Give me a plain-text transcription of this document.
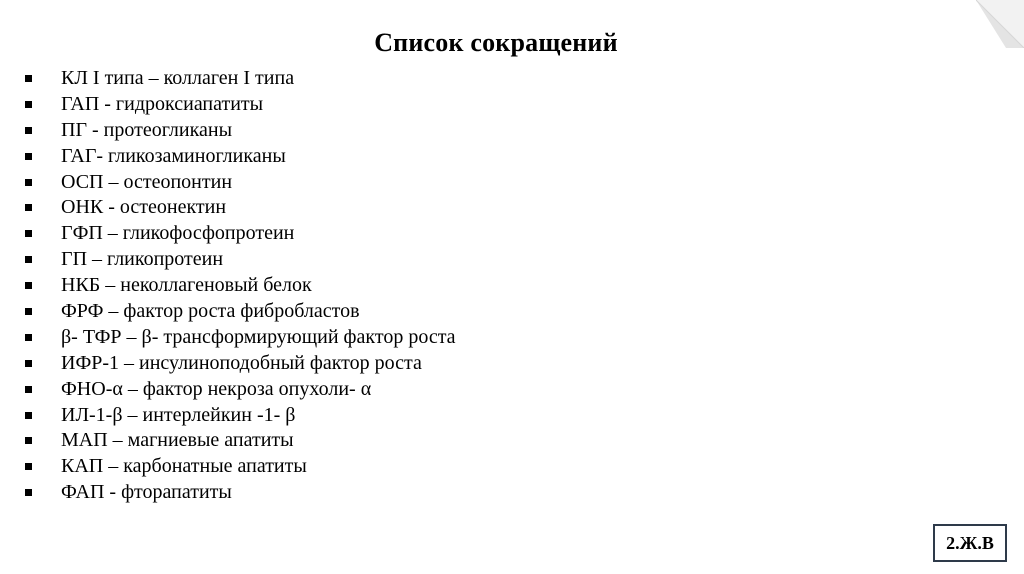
Список сокращений
КЛ I типа – коллаген I типа
ГАП - гидроксиапатиты
ПГ - протеогликаны
ГАГ- гликозаминогликаны
ОСП – остеопонтин
ОНК - остеонектин
ГФП – гликофосфопротеин
ГП – гликопротеин
НКБ – неколлагеновый белок
ФРФ – фактор роста фибробластов
β- ТФР – β- трансформирующий фактор роста
ИФР-1 – инсулиноподобный фактор роста
ФНО-α – фактор некроза опухоли- α
ИЛ-1-β – интерлейкин -1- β
МАП – магниевые апатиты
КАП – карбонатные апатиты
ФАП - фторапатиты
2.Ж.В
